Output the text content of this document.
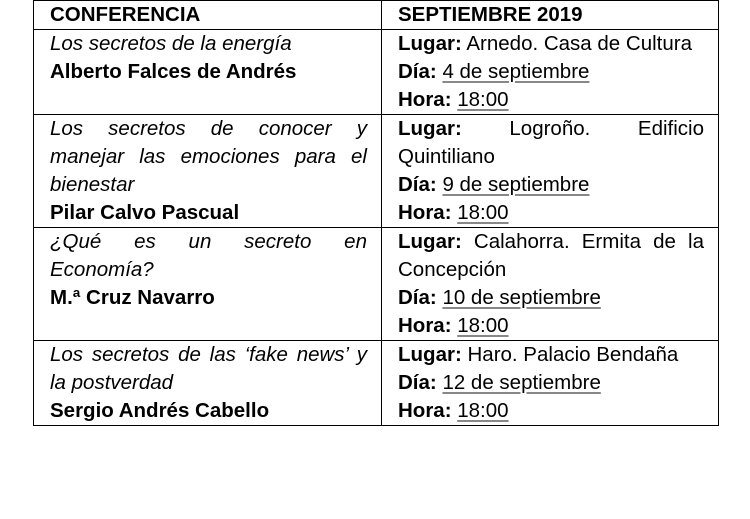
CONFERENCIA	SEPTIEMBRE 2019

Los secretos de la energía
Alberto Falces de Andrés	Lugar: Arnedo. Casa de Cultura
Día: 4 de septiembre
Hora: 18:00

Los secretos de conocer y manejar las emociones para el bienestar
Pilar Calvo Pascual	Lugar: Logroño. Edificio Quintiliano
Día: 9 de septiembre
Hora: 18:00

¿Qué es un secreto en Economía?
M.ª Cruz Navarro	Lugar: Calahorra. Ermita de la Concepción
Día: 10 de septiembre
Hora: 18:00

Los secretos de las ‘fake news’ y la postverdad
Sergio Andrés Cabello	Lugar: Haro. Palacio Bendaña
Día: 12 de septiembre
Hora: 18:00
